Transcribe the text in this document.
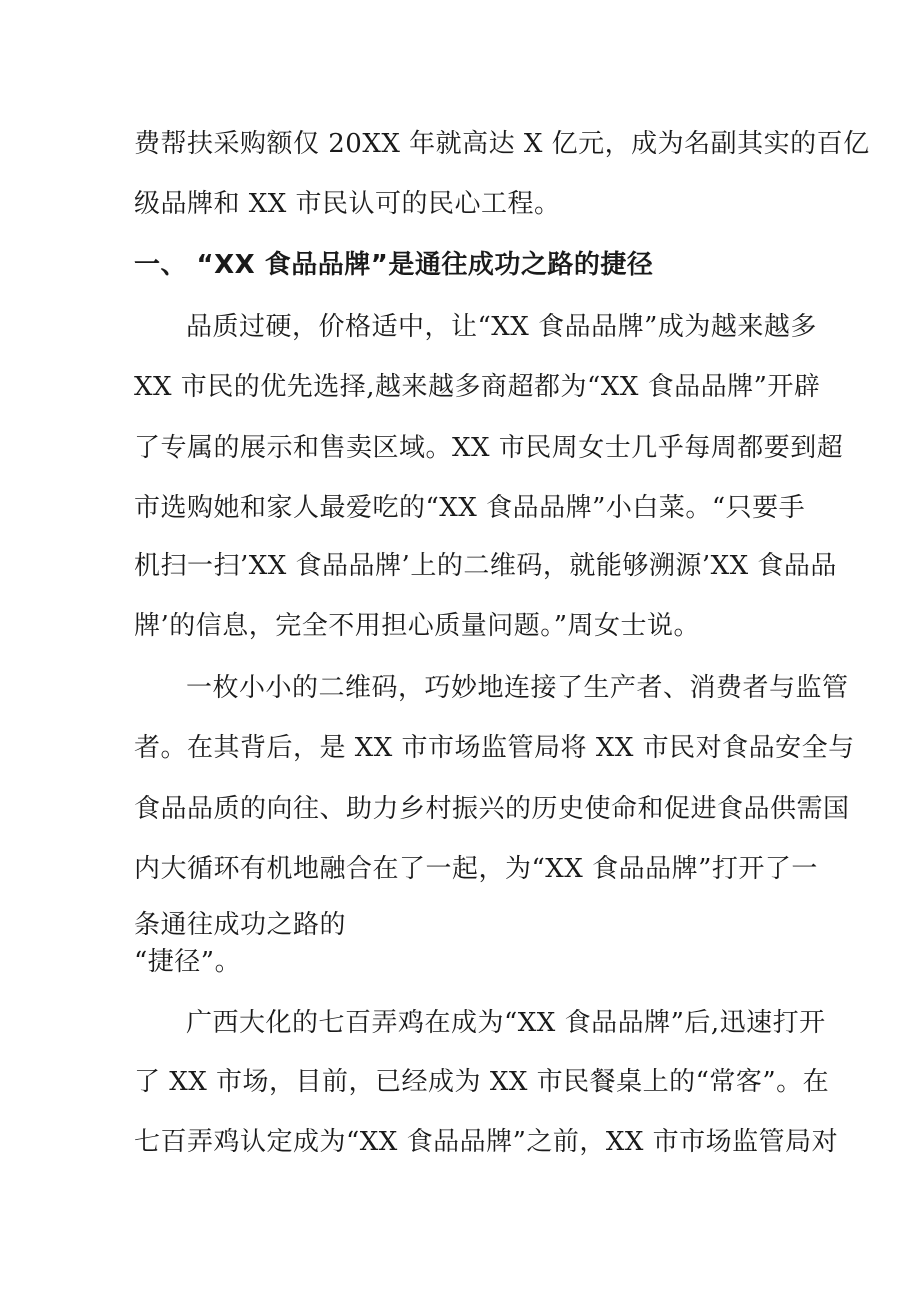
费帮扶采购额仅 20XX 年就高达 X 亿元，成为名副其实的百亿
级品牌和 XX 市民认可的民心工程。
一、 “XX 食品品牌”是通往成功之路的捷径
品质过硬，价格适中，让“XX 食品品牌”成为越来越多
XX 市民的优先选择,越来越多商超都为“XX 食品品牌”开辟
了专属的展示和售卖区域。XX 市民周女士几乎每周都要到超
市选购她和家人最爱吃的“XX 食品品牌”小白菜。“只要手
机扫一扫’XX 食品品牌’上的二维码，就能够溯源’XX 食品品
牌’的信息，完全不用担心质量问题。”周女士说。
一枚小小的二维码，巧妙地连接了生产者、消费者与监管
者。在其背后，是 XX 市市场监管局将 XX 市民对食品安全与
食品品质的向往、助力乡村振兴的历史使命和促进食品供需国
内大循环有机地融合在了一起，为“XX 食品品牌”打开了一
条通往成功之路的
“捷径”。
广西大化的七百弄鸡在成为“XX 食品品牌”后,迅速打开
了 XX 市场，目前，已经成为 XX 市民餐桌上的“常客”。在
七百弄鸡认定成为“XX 食品品牌”之前，XX 市市场监管局对
